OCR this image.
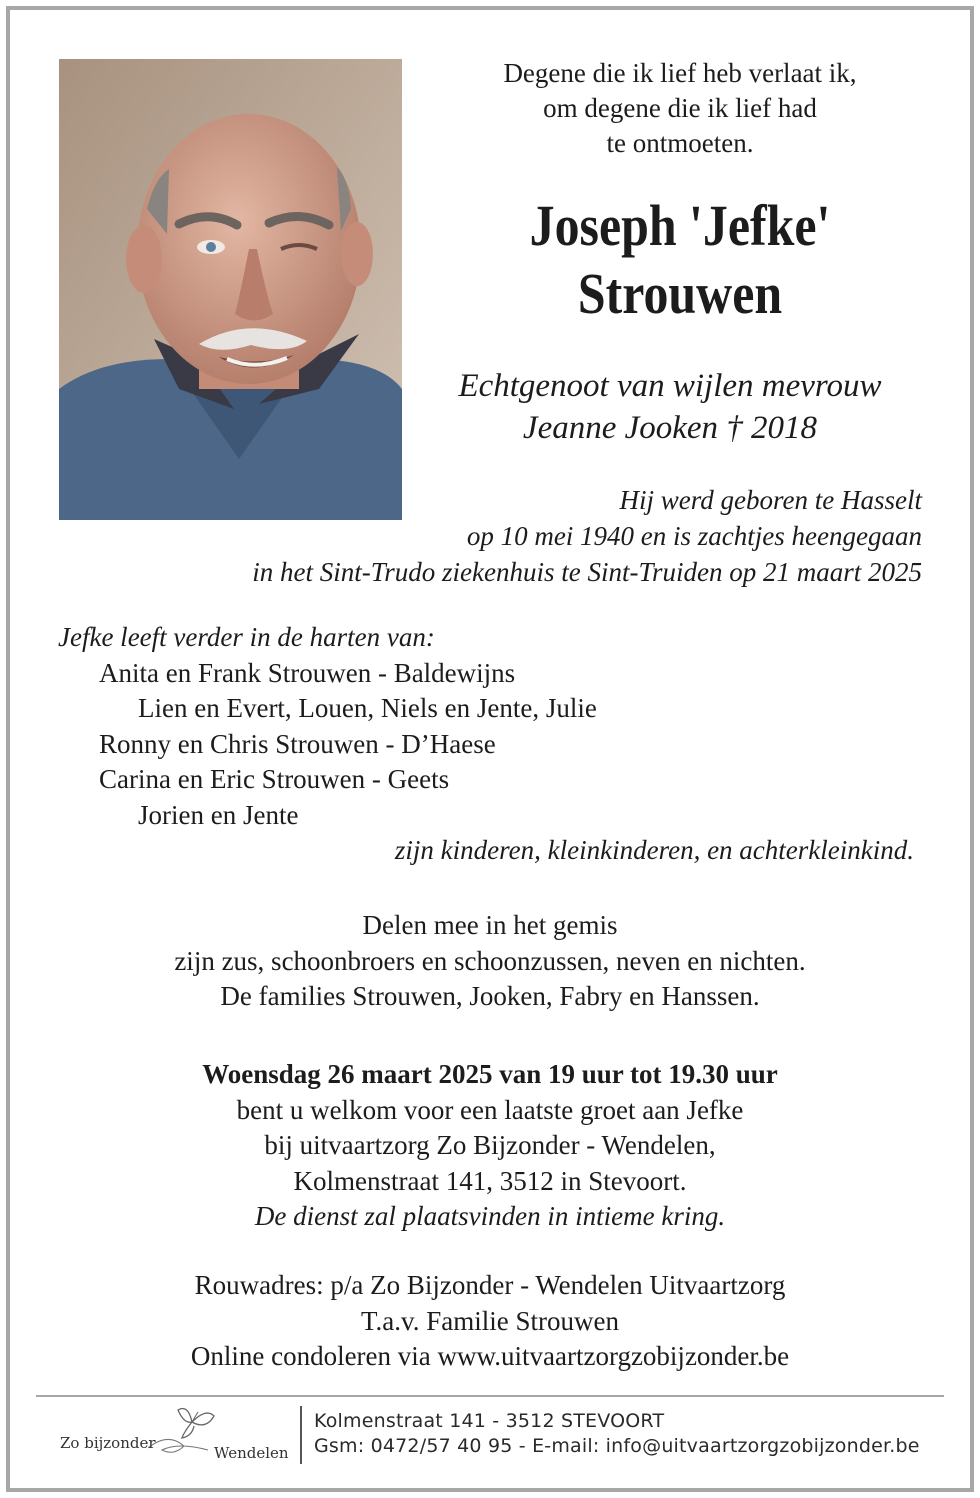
Degene die ik lief heb verlaat ik,
om degene die ik lief had
te ontmoeten.
Joseph 'Jefke'
Strouwen
Echtgenoot van wijlen mevrouw
Jeanne Jooken † 2018
Hij werd geboren te Hasselt
op 10 mei 1940 en is zachtjes heengegaan
in het Sint-Trudo ziekenhuis te Sint-Truiden op 21 maart 2025
Jefke leeft verder in de harten van:
Anita en Frank Strouwen - Baldewijns
Lien en Evert, Louen, Niels en Jente, Julie
Ronny en Chris Strouwen - D’Haese
Carina en Eric Strouwen - Geets
Jorien en Jente
zijn kinderen, kleinkinderen, en achterkleinkind.
Delen mee in het gemis
zijn zus, schoonbroers en schoonzussen, neven en nichten.
De families Strouwen, Jooken, Fabry en Hanssen.
Woensdag 26 maart 2025 van 19 uur tot 19.30 uur
bent u welkom voor een laatste groet aan Jefke
bij uitvaartzorg Zo Bijzonder - Wendelen,
Kolmenstraat 141, 3512 in Stevoort.
De dienst zal plaatsvinden in intieme kring.
Rouwadres: p/a Zo Bijzonder - Wendelen Uitvaartzorg
T.a.v. Familie Strouwen
Online condoleren via www.uitvaartzorgzobijzonder.be
Zo bijzonder
Wendelen
Kolmenstraat 141 - 3512 STEVOORT
Gsm: 0472/57 40 95 - E-mail: info@uitvaartzorgzobijzonder.be
